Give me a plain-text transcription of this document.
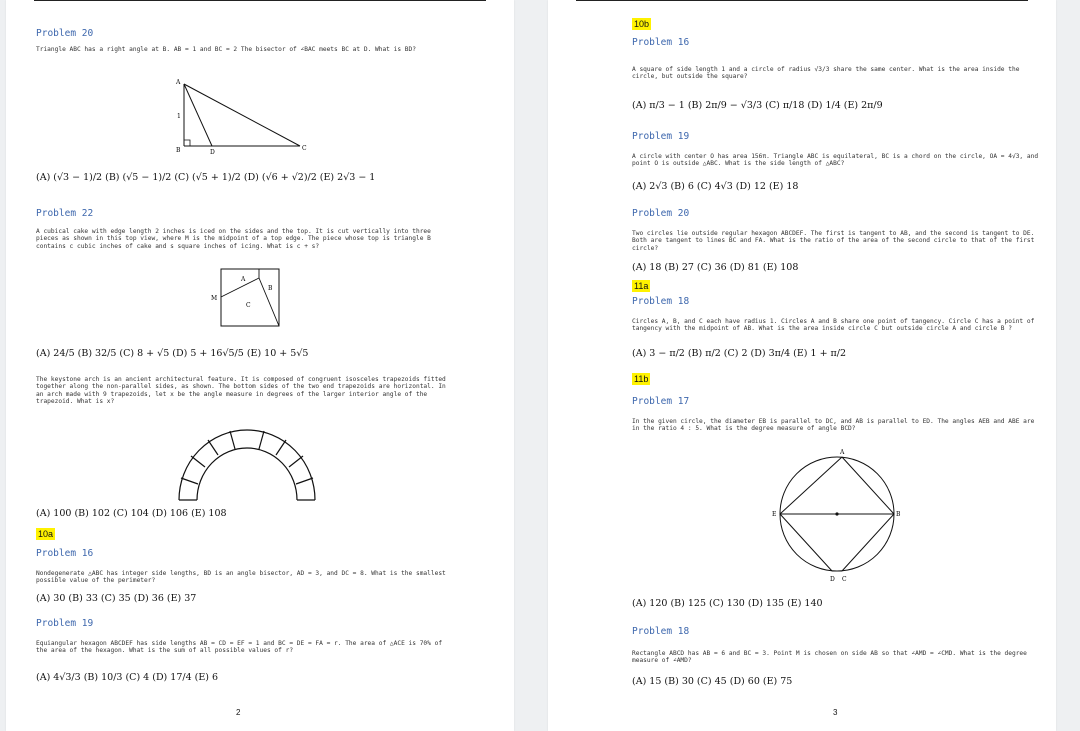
Problem 20
Triangle ABC has a right angle at B. AB = 1 and BC = 2 The bisector of ∠BAC meets BC at D. What is BD?
A
B	C
D
1
(A) (√3 − 1)/2 (B) (√5 − 1)/2 (C) (√5 + 1)/2 (D) (√6 + √2)/2 (E) 2√3 − 1
Problem 22
A cubical cake with edge length 2 inches is iced on the sides and the top. It is cut vertically into three pieces as shown in this top view, where M is the midpoint of a top edge. The piece whose top is triangle B contains c cubic inches of cake and s square inches of icing. What is c + s?
A
B
C
M
(A) 24/5 (B) 32/5 (C) 8 + √5 (D) 5 + 16√5/5 (E) 10 + 5√5
The keystone arch is an ancient architectural feature. It is composed of congruent isosceles trapezoids fitted together along the non-parallel sides, as shown. The bottom sides of the two end trapezoids are horizontal. In an arch made with 9 trapezoids, let x be the angle measure in degrees of the larger interior angle of the trapezoid. What is x?
(A) 100 (B) 102 (C) 104 (D) 106 (E) 108
10a
Problem 16
Nondegenerate △ABC has integer side lengths, BD is an angle bisector, AD = 3, and DC = 8. What is the smallest possible value of the perimeter?
(A) 30 (B) 33 (C) 35 (D) 36 (E) 37
Problem 19
Equiangular hexagon ABCDEF has side lengths AB = CD = EF = 1 and BC = DE = FA = r. The area of △ACE is 70% of the area of the hexagon. What is the sum of all possible values of r?
(A) 4√3/3 (B) 10/3 (C) 4 (D) 17/4 (E) 6
2
10b
Problem 16
A square of side length 1 and a circle of radius √3/3 share the same center. What is the area inside the circle, but outside the square?
(A) π/3 − 1 (B) 2π/9 − √3/3 (C) π/18 (D) 1/4 (E) 2π/9
Problem 19
A circle with center O has area 156π. Triangle ABC is equilateral, BC is a chord on the circle, OA = 4√3, and point O is outside △ABC. What is the side length of △ABC?
(A) 2√3 (B) 6 (C) 4√3 (D) 12 (E) 18
Problem 20
Two circles lie outside regular hexagon ABCDEF. The first is tangent to AB, and the second is tangent to DE. Both are tangent to lines BC and FA. What is the ratio of the area of the second circle to that of the first circle?
(A) 18 (B) 27 (C) 36 (D) 81 (E) 108
11a
Problem 18
Circles A, B, and C each have radius 1. Circles A and B share one point of tangency. Circle C has a point of tangency with the midpoint of AB. What is the area inside circle C but outside circle A and circle B ?
(A) 3 − π/2 (B) π/2 (C) 2 (D) 3π/4 (E) 1 + π/2
11b
Problem 17
In the given circle, the diameter EB is parallel to DC, and AB is parallel to ED. The angles AEB and ABE are in the ratio 4 : 5. What is the degree measure of angle BCD?
A
B
C
D
E
(A) 120 (B) 125 (C) 130 (D) 135 (E) 140
Problem 18
Rectangle ABCD has AB = 6 and BC = 3. Point M is chosen on side AB so that ∠AMD = ∠CMD. What is the degree measure of ∠AMD?
(A) 15 (B) 30 (C) 45 (D) 60 (E) 75
3
